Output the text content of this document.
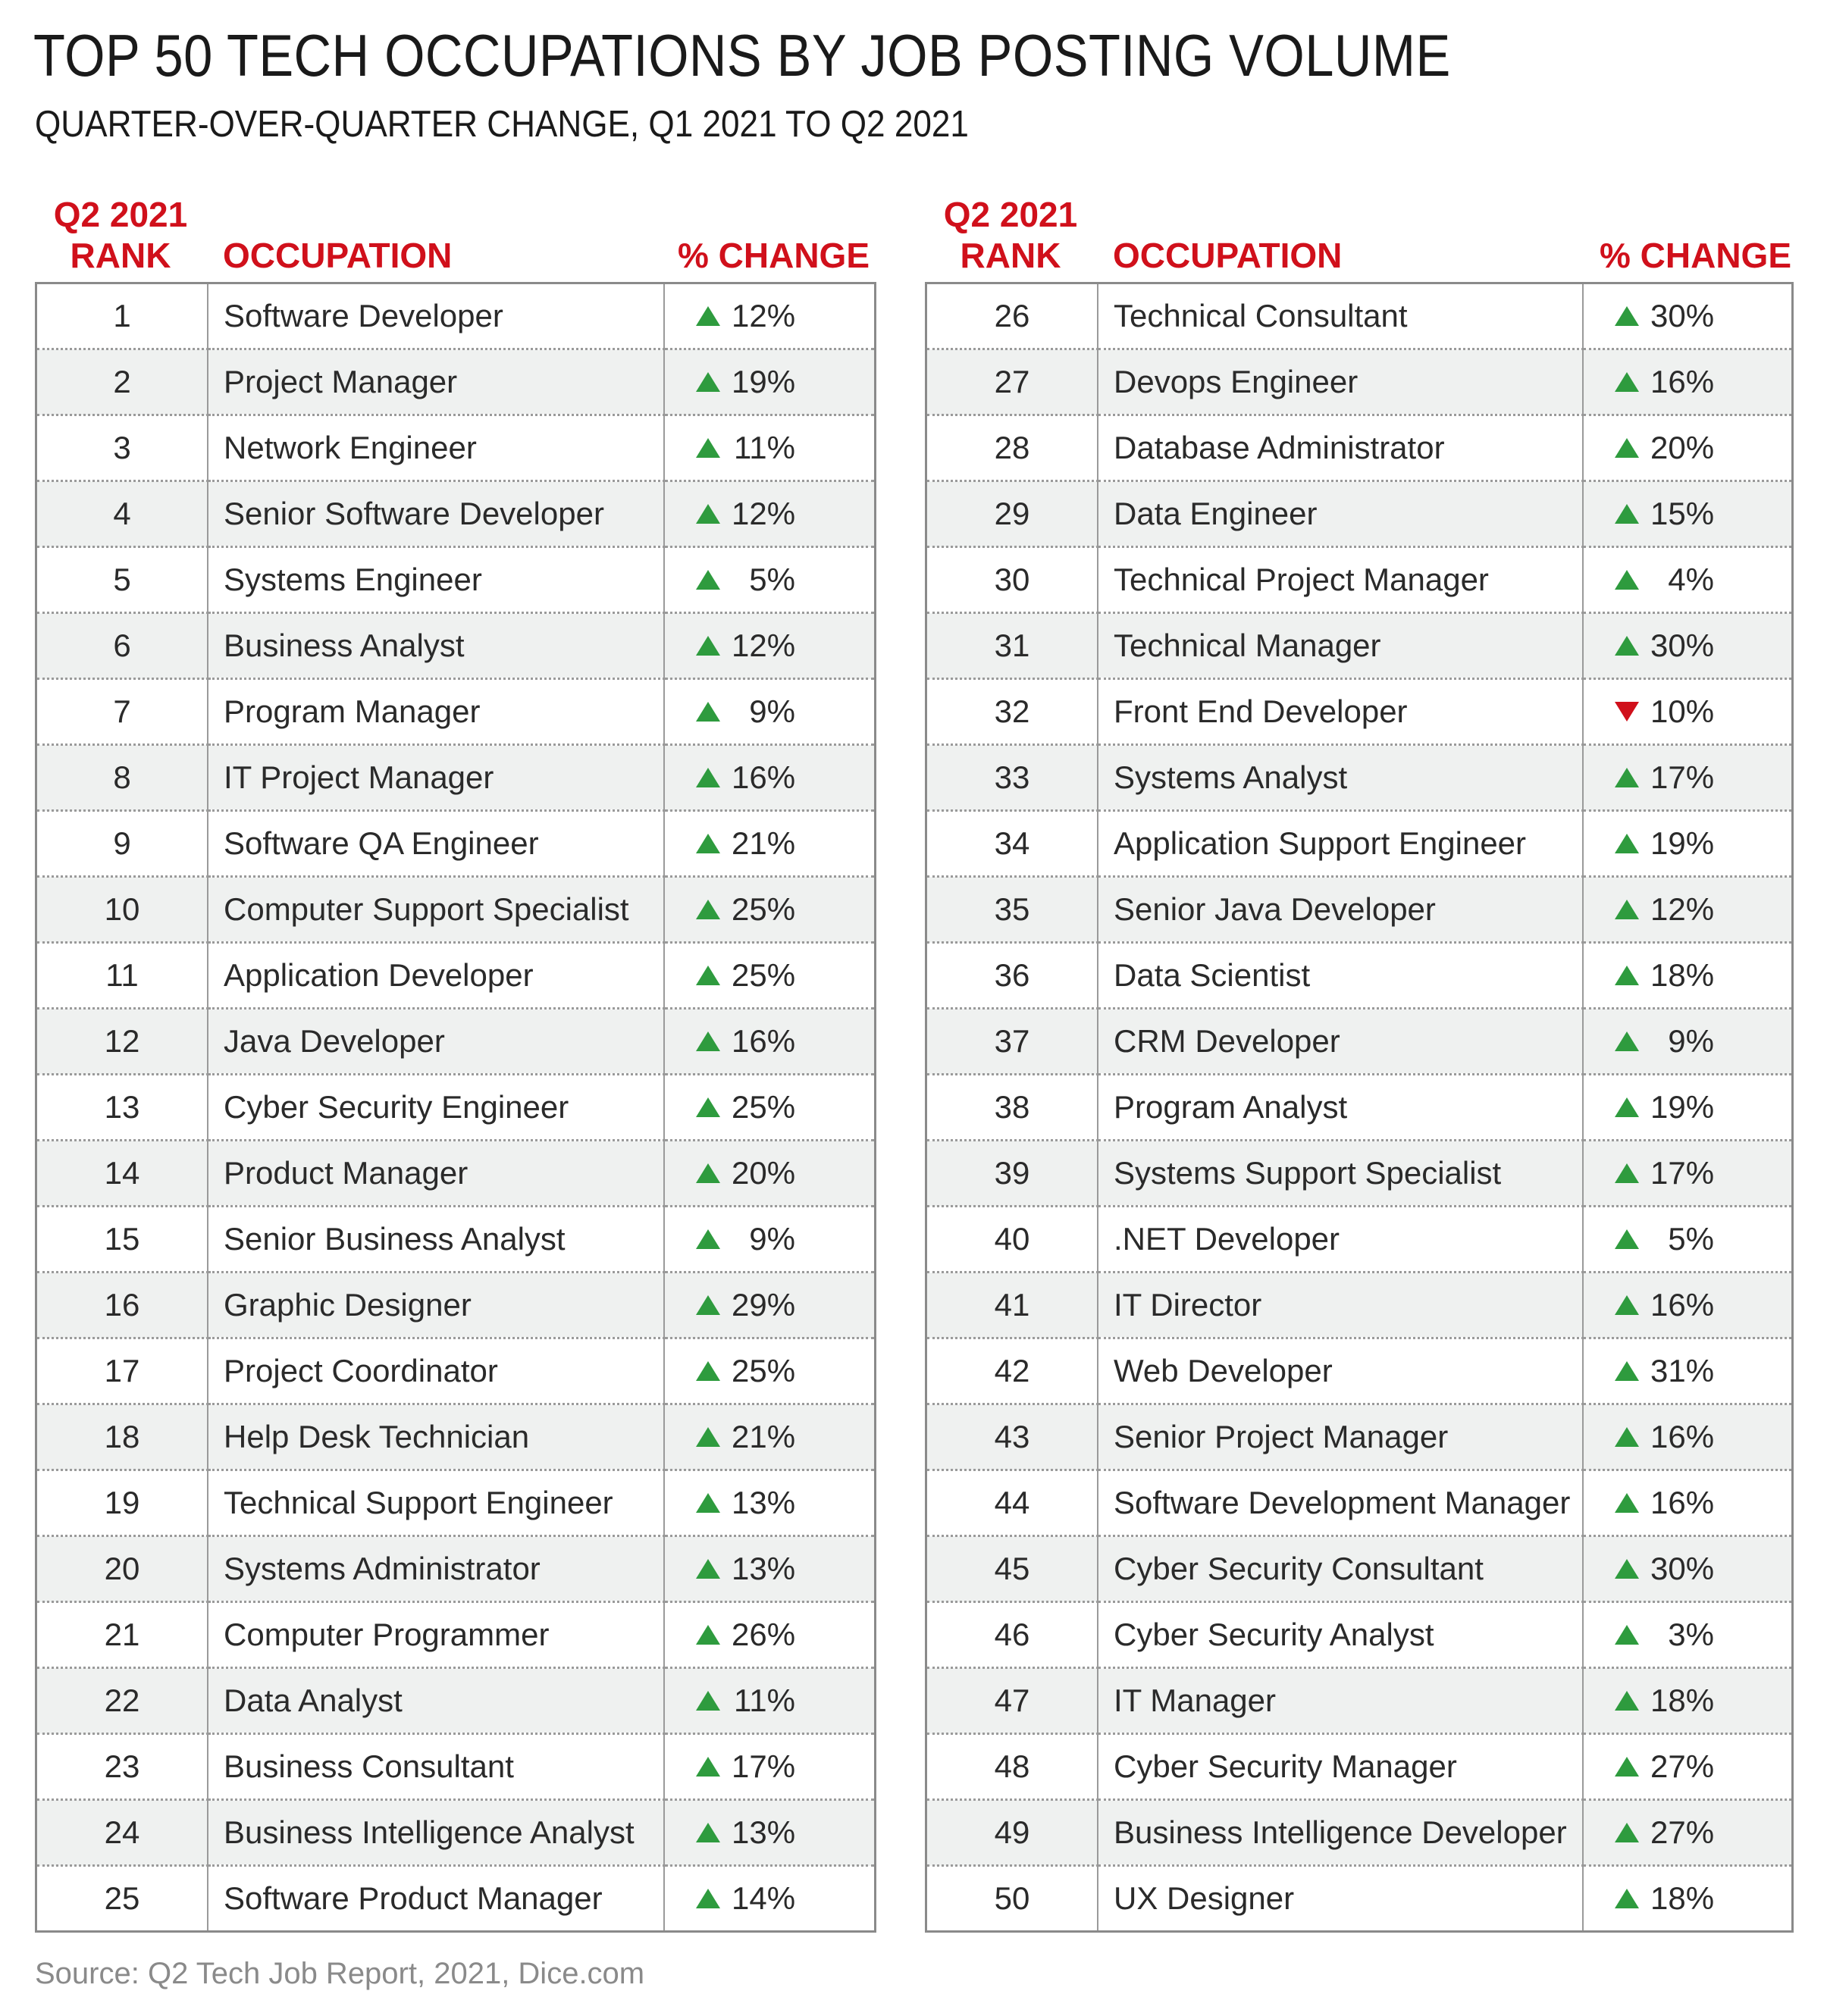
TOP 50 TECH OCCUPATIONS BY JOB POSTING VOLUME
QUARTER-OVER-QUARTER CHANGE, Q1 2021 TO Q2 2021
Q2 2021
RANK	OCCUPATION	% CHANGE
1	Software Developer	12%

2	Project Manager	19%

3	Network Engineer	11%

4	Senior Software Developer	12%

5	Systems Engineer	5%

6	Business Analyst	12%

7	Program Manager	9%

8	IT Project Manager	16%

9	Software QA Engineer	21%

10	Computer Support Specialist	25%

11	Application Developer	25%

12	Java Developer	16%

13	Cyber Security Engineer	25%

14	Product Manager	20%

15	Senior Business Analyst	9%

16	Graphic Designer	29%

17	Project Coordinator	25%

18	Help Desk Technician	21%

19	Technical Support Engineer	13%

20	Systems Administrator	13%

21	Computer Programmer	26%

22	Data Analyst	11%

23	Business Consultant	17%

24	Business Intelligence Analyst	13%

25	Software Product Manager	14%
Q2 2021
RANK	OCCUPATION	% CHANGE
26	Technical Consultant	30%

27	Devops Engineer	16%

28	Database Administrator	20%

29	Data Engineer	15%

30	Technical Project Manager	4%

31	Technical Manager	30%

32	Front End Developer	10%

33	Systems Analyst	17%

34	Application Support Engineer	19%

35	Senior Java Developer	12%

36	Data Scientist	18%

37	CRM Developer	9%

38	Program Analyst	19%

39	Systems Support Specialist	17%

40	.NET Developer	5%

41	IT Director	16%

42	Web Developer	31%

43	Senior Project Manager	16%

44	Software Development Manager	16%

45	Cyber Security Consultant	30%

46	Cyber Security Analyst	3%

47	IT Manager	18%

48	Cyber Security Manager	27%

49	Business Intelligence Developer	27%

50	UX Designer	18%
Source: Q2 Tech Job Report, 2021, Dice.com
